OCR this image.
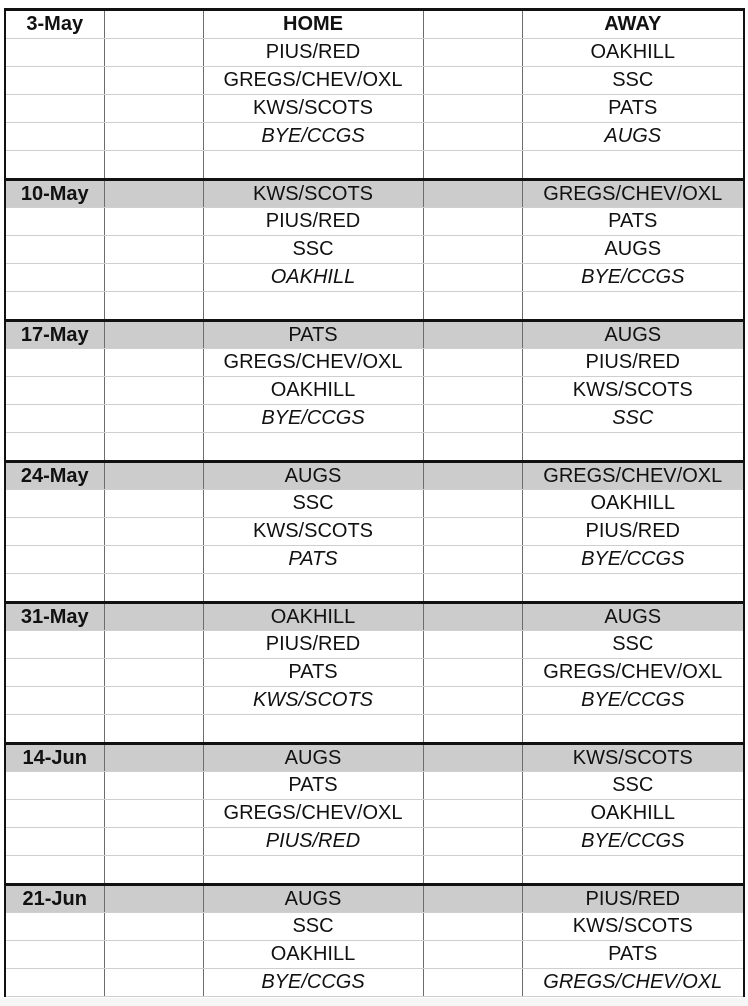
3-May		HOME		AWAY
		PIUS/RED		OAKHILL
		GREGS/CHEV/OXL		SSC
		KWS/SCOTS		PATS
		BYE/CCGS		AUGS

10-May		KWS/SCOTS		GREGS/CHEV/OXL
		PIUS/RED		PATS
		SSC		AUGS
		OAKHILL		BYE/CCGS

17-May		PATS		AUGS
		GREGS/CHEV/OXL		PIUS/RED
		OAKHILL		KWS/SCOTS
		BYE/CCGS		SSC

24-May		AUGS		GREGS/CHEV/OXL
		SSC		OAKHILL
		KWS/SCOTS		PIUS/RED
		PATS		BYE/CCGS

31-May		OAKHILL		AUGS
		PIUS/RED		SSC
		PATS		GREGS/CHEV/OXL
		KWS/SCOTS		BYE/CCGS

14-Jun		AUGS		KWS/SCOTS
		PATS		SSC
		GREGS/CHEV/OXL		OAKHILL
		PIUS/RED		BYE/CCGS

21-Jun		AUGS		PIUS/RED
		SSC		KWS/SCOTS
		OAKHILL		PATS
		BYE/CCGS		GREGS/CHEV/OXL
